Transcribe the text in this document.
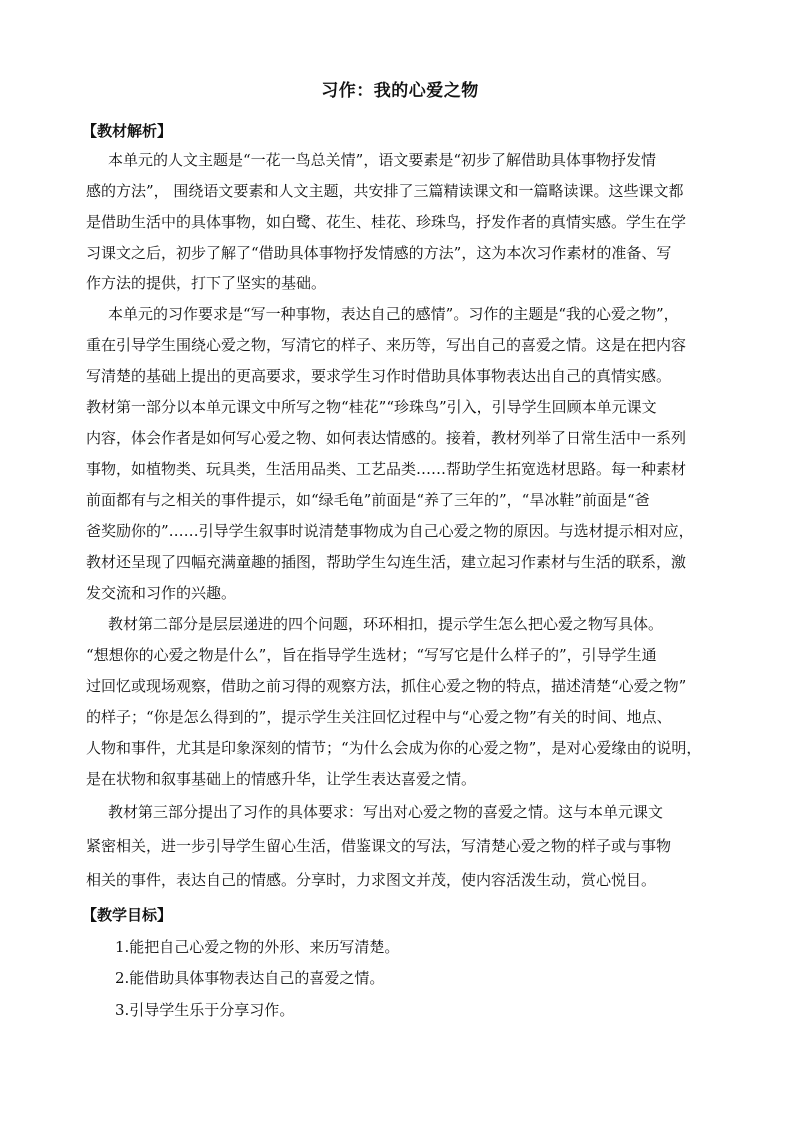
习作：我的心爱之物
【教材解析】
本单元的人文主题是“一花一鸟总关情”，语文要素是“初步了解借助具体事物抒发情
感的方法”， 围绕语文要素和人文主题，共安排了三篇精读课文和一篇略读课。这些课文都
是借助生活中的具体事物，如白鹭、花生、桂花、珍珠鸟，抒发作者的真情实感。学生在学
习课文之后，初步了解了“借助具体事物抒发情感的方法”，这为本次习作素材的准备、写
作方法的提供，打下了坚实的基础。
本单元的习作要求是“写一种事物，表达自己的感情”。习作的主题是“我的心爱之物”，
重在引导学生围绕心爱之物，写清它的样子、来历等，写出自己的喜爱之情。这是在把内容
写清楚的基础上提出的更高要求，要求学生习作时借助具体事物表达出自己的真情实感。
教材第一部分以本单元课文中所写之物“桂花”“珍珠鸟”引入，引导学生回顾本单元课文
内容，体会作者是如何写心爱之物、如何表达情感的。接着，教材列举了日常生活中一系列
事物，如植物类、玩具类，生活用品类、工艺品类……帮助学生拓宽选材思路。每一种素材
前面都有与之相关的事件提示，如“绿毛龟”前面是“养了三年的”，“旱冰鞋”前面是“爸
爸奖励你的”……引导学生叙事时说清楚事物成为自己心爱之物的原因。与选材提示相对应，
教材还呈现了四幅充满童趣的插图，帮助学生勾连生活，建立起习作素材与生活的联系，激
发交流和习作的兴趣。
教材第二部分是层层递进的四个问题，环环相扣，提示学生怎么把心爱之物写具体。
“想想你的心爱之物是什么”，旨在指导学生选材；“写写它是什么样子的”，引导学生通
过回忆或现场观察，借助之前习得的观察方法，抓住心爱之物的特点，描述清楚“心爱之物”
的样子；“你是怎么得到的”，提示学生关注回忆过程中与“心爱之物”有关的时间、地点、
人物和事件，尤其是印象深刻的情节；“为什么会成为你的心爱之物”，是对心爱缘由的说明，
是在状物和叙事基础上的情感升华，让学生表达喜爱之情。
教材第三部分提出了习作的具体要求：写出对心爱之物的喜爱之情。这与本单元课文
紧密相关，进一步引导学生留心生活，借鉴课文的写法，写清楚心爱之物的样子或与事物
相关的事件，表达自己的情感。分享时，力求图文并茂，使内容活泼生动，赏心悦目。
【教学目标】
1.能把自己心爱之物的外形、来历写清楚。
2.能借助具体事物表达自己的喜爱之情。
3.引导学生乐于分享习作。
